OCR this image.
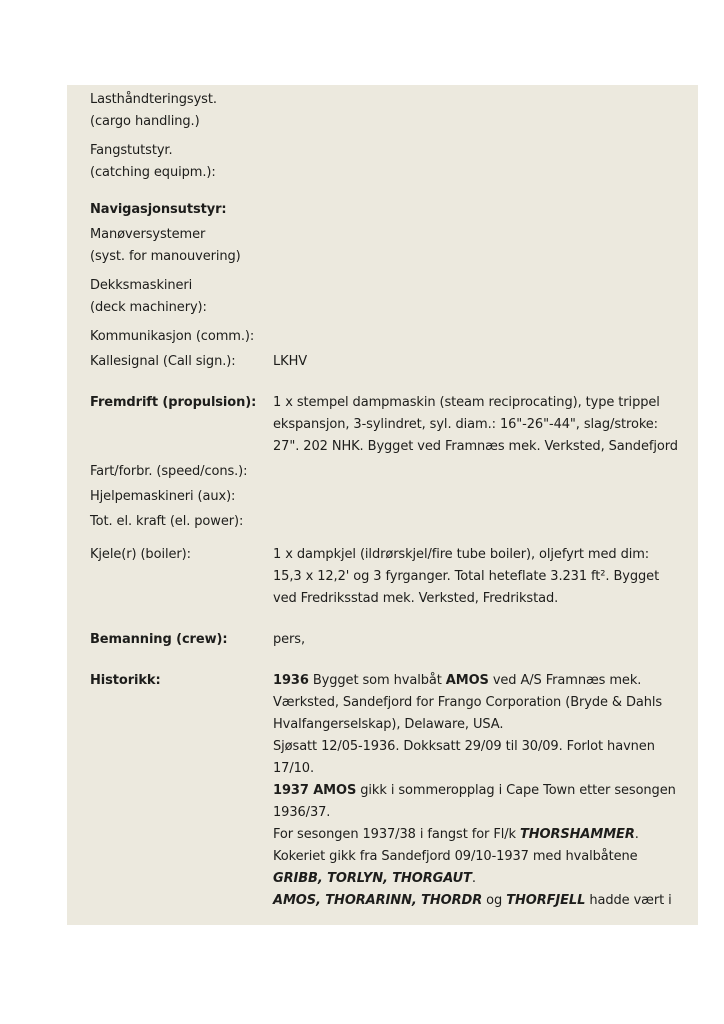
Lasthåndteringsyst.
(cargo handling.)
Fangstutstyr.
(catching equipm.):
Navigasjonsutstyr:
Manøversystemer
(syst. for manouvering)
Dekksmaskineri
(deck machinery):
Kommunikasjon (comm.):
Kallesignal (Call sign.):	LKHV
Fremdrift (propulsion):	1 x stempel dampmaskin (steam reciprocating), type trippel
ekspansjon, 3-sylindret, syl. diam.: 16"-26"-44", slag/stroke:
27". 202 NHK. Bygget ved Framnæs mek. Verksted, Sandefjord
Fart/forbr. (speed/cons.):
Hjelpemaskineri (aux):
Tot. el. kraft (el. power):
Kjele(r) (boiler):	1 x dampkjel (ildrørskjel/fire tube boiler), oljefyrt med dim:
15,3 x 12,2' og 3 fyrganger. Total heteflate 3.231 ft². Bygget
ved Fredriksstad mek. Verksted, Fredrikstad.
Bemanning (crew):	pers,
Historikk:	1936 Bygget som hvalbåt AMOS ved A/S Framnæs mek.
Værksted, Sandefjord for Frango Corporation (Bryde & Dahls
Hvalfangerselskap), Delaware, USA.
Sjøsatt 12/05-1936. Dokksatt 29/09 til 30/09. Forlot havnen
17/10.
1937 AMOS gikk i sommeropplag i Cape Town etter sesongen
1936/37.
For sesongen 1937/38 i fangst for Fl/k THORSHAMMER.
Kokeriet gikk fra Sandefjord 09/10-1937 med hvalbåtene
GRIBB, TORLYN, THORGAUT.
AMOS, THORARINN, THORDR og THORFJELL hadde vært i
